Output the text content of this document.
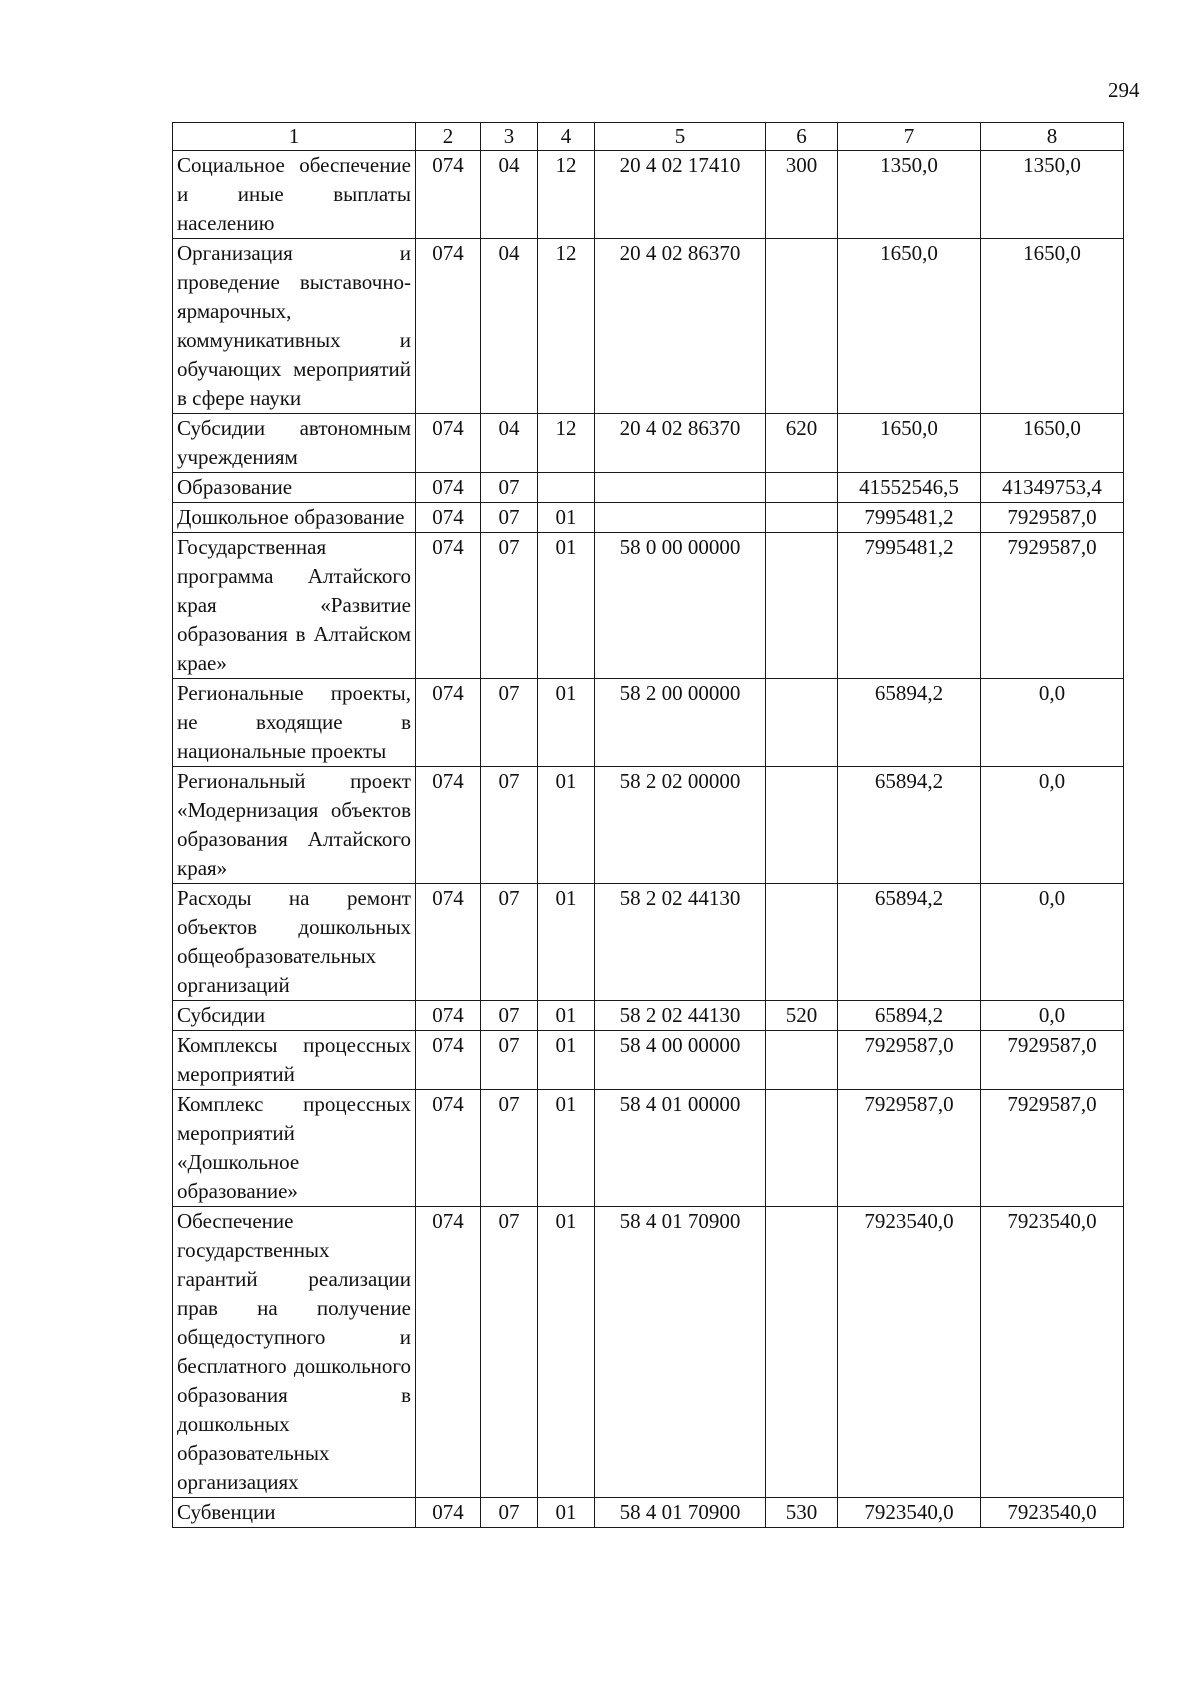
294
1	2	3	4	5	6	7	8
Социальное обеспечение и иные выплаты населению	074	04	12	20 4 02 17410	300	1350,0	1350,0
Организация и проведение выставочно-ярмарочных, коммуникативных и обучающих мероприятий в сфере науки	074	04	12	20 4 02 86370		1650,0	1650,0
Субсидии автономным учреждениям	074	04	12	20 4 02 86370	620	1650,0	1650,0
Образование	074	07				41552546,5	41349753,4
Дошкольное образование	074	07	01			7995481,2	7929587,0
Государственная программа Алтайского края «Развитие образования в Алтайском крае»	074	07	01	58 0 00 00000		7995481,2	7929587,0
Региональные проекты, не входящие в национальные проекты	074	07	01	58 2 00 00000		65894,2	0,0
Региональный проект «Модернизация объектов образования Алтайского края»	074	07	01	58 2 02 00000		65894,2	0,0
Расходы на ремонт объектов дошкольных общеобразовательных организаций	074	07	01	58 2 02 44130		65894,2	0,0
Субсидии	074	07	01	58 2 02 44130	520	65894,2	0,0
Комплексы процессных мероприятий	074	07	01	58 4 00 00000		7929587,0	7929587,0
Комплекс процессных мероприятий «Дошкольное образование»	074	07	01	58 4 01 00000		7929587,0	7929587,0
Обеспечение государственных гарантий реализации прав на получение общедоступного и бесплатного дошкольного образования в дошкольных образовательных организациях	074	07	01	58 4 01 70900		7923540,0	7923540,0
Субвенции	074	07	01	58 4 01 70900	530	7923540,0	7923540,0
